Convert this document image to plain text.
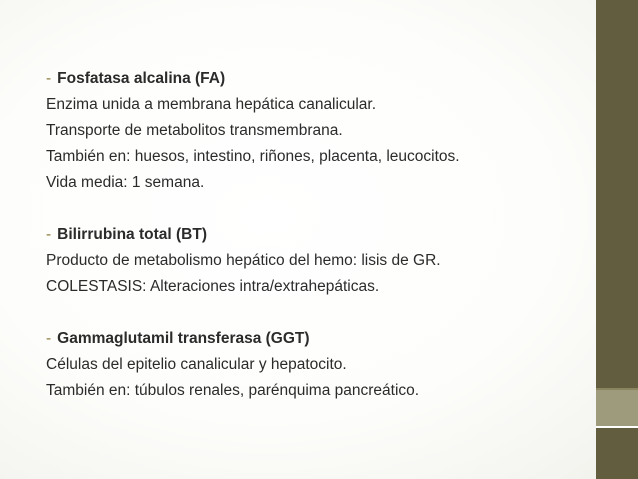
- Fosfatasa alcalina (FA)
Enzima unida a membrana hepática canalicular.
Transporte de metabolitos transmembrana.
También en: huesos, intestino, riñones, placenta, leucocitos.
Vida media: 1 semana.
- Bilirrubina total (BT)
Producto de metabolismo hepático del hemo: lisis de GR.
COLESTASIS: Alteraciones intra/extrahepáticas.
- Gammaglutamil transferasa (GGT)
Células del epitelio canalicular y hepatocito.
También en: túbulos renales, parénquima pancreático.
